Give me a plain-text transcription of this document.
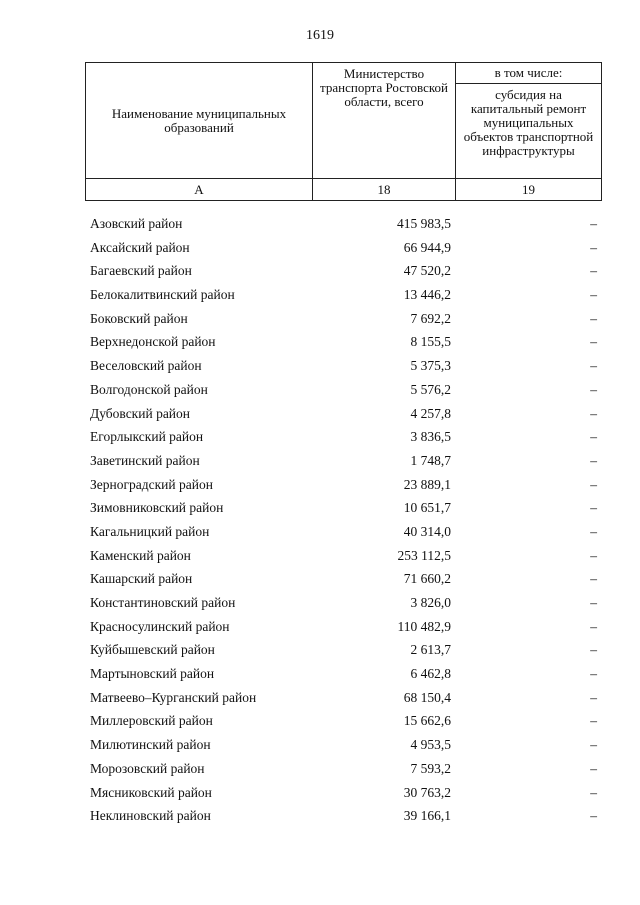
1619
Наименование муниципальных образований	Министерство транспорта Ростовской области, всего	в том числе:
		субсидия на капитальный ремонт муниципальных объектов транспортной инфраструктуры
А	18	19
Азовский район	415 983,5	–
Аксайский район	66 944,9	–
Багаевский район	47 520,2	–
Белокалитвинский район	13 446,2	–
Боковский район	7 692,2	–
Верхнедонской район	8 155,5	–
Веселовский район	5 375,3	–
Волгодонской район	5 576,2	–
Дубовский район	4 257,8	–
Егорлыкский район	3 836,5	–
Заветинский район	1 748,7	–
Зерноградский район	23 889,1	–
Зимовниковский район	10 651,7	–
Кагальницкий район	40 314,0	–
Каменский район	253 112,5	–
Кашарский район	71 660,2	–
Константиновский район	3 826,0	–
Красносулинский район	110 482,9	–
Куйбышевский район	2 613,7	–
Мартыновский район	6 462,8	–
Матвеево–Курганский район	68 150,4	–
Миллеровский район	15 662,6	–
Милютинский район	4 953,5	–
Морозовский район	7 593,2	–
Мясниковский район	30 763,2	–
Неклиновский район	39 166,1	–
